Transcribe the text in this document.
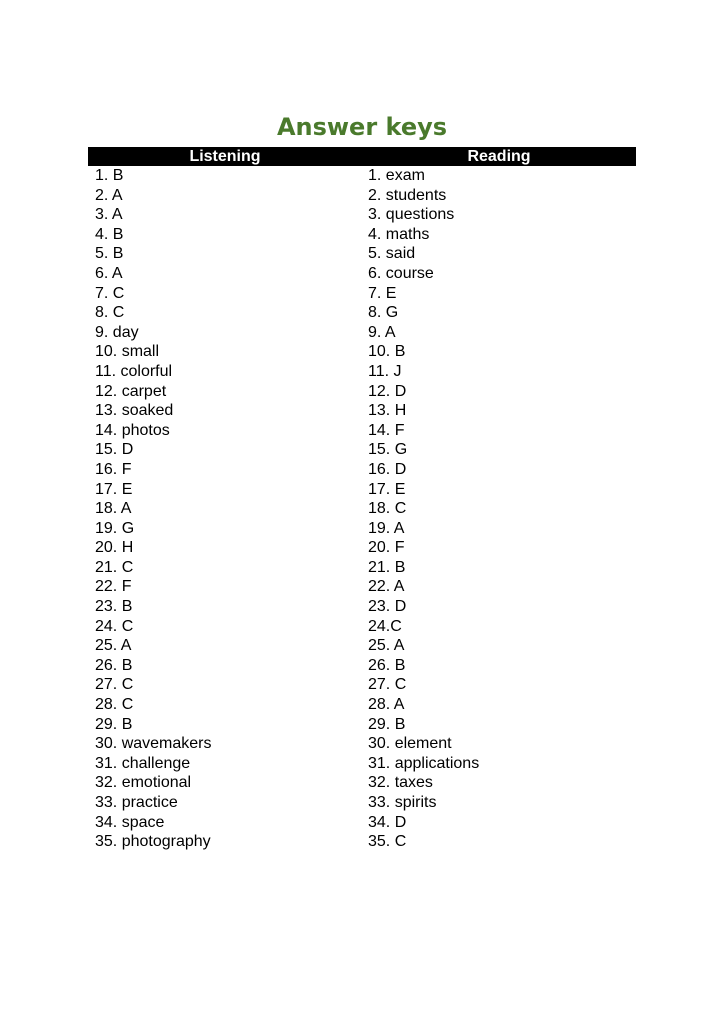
Answer keys
Listening	Reading
1. B
2. A
3. A
4. B
5. B
6. A
7. C
8. C
9. day
10. small
11. colorful
12. carpet
13. soaked
14. photos
15. D
16. F
17. E
18. A
19. G
20. H
21. C
22. F
23. B
24. C
25. A
26. B
27. C
28. C
29. B
30. wavemakers
31. challenge
32. emotional
33. practice
34. space
35. photography
1. exam
2. students
3. questions
4. maths
5. said
6. course
7. E
8. G
9. A
10. B
11. J
12. D
13. H
14. F
15. G
16. D
17. E
18. C
19. A
20. F
21. B
22. A
23. D
24.C
25. A
26. B
27. C
28. A
29. B
30. element
31. applications
32. taxes
33. spirits
34. D
35. C
